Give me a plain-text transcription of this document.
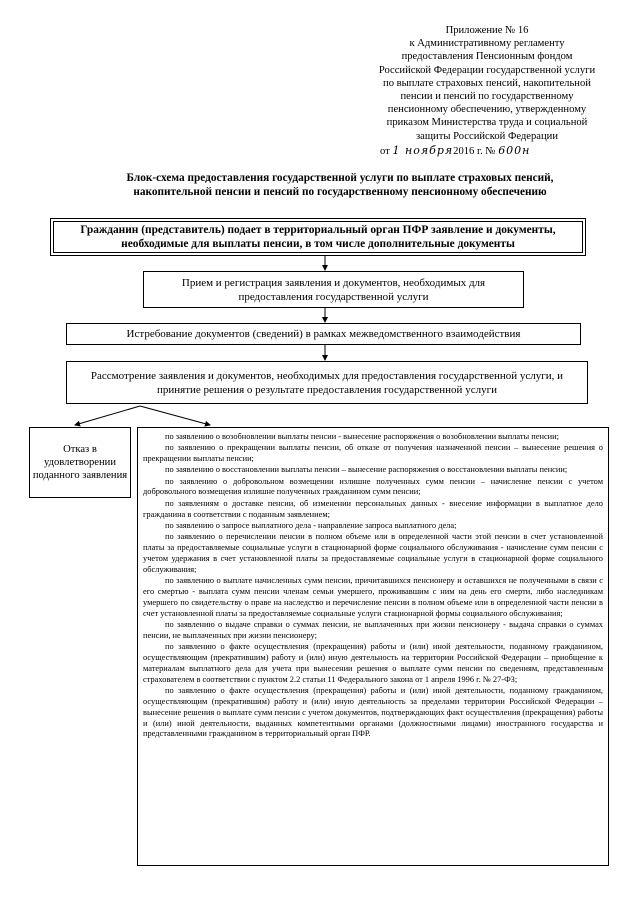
Приложение № 16
к Административному регламенту
предоставления Пенсионным фондом
Российской Федерации государственной услуги
по выплате страховых пенсий, накопительной
пенсии и пенсий по государственному
пенсионному обеспечению, утвержденному
приказом Министерства труда и социальной
защиты Российской Федерации
от 1 ноября2016 г. № 600н
Блок-схема предоставления государственной услуги по выплате страховых пенсий,
накопительной пенсии и пенсий по государственному пенсионному обеспечению
Гражданин (представитель) подает в территориальный орган ПФР заявление и документы, необходимые для выплаты пенсии, в том числе дополнительные документы
Прием и регистрация заявления и документов, необходимых для предоставления государственной услуги
Истребование документов (сведений) в рамках межведомственного взаимодействия
Рассмотрение заявления и документов, необходимых для предоставления государственной услуги, и принятие решения о результате предоставления государственной услуги
Отказ в удовлетворении поданного заявления

по заявлению о возобновлении выплаты пенсии - вынесение распоряжения о возобновлении выплаты пенсии;

по заявлению о прекращении выплаты пенсии, об отказе от получения назначенной пенсии – вынесение решения о прекращении выплаты пенсии;

по заявлению о восстановлении выплаты пенсии – вынесение распоряжения о восстановлении выплаты пенсии;

по заявлению о добровольном возмещении излишне полученных сумм пенсии – начисление пенсии с учетом добровольного возмещения излишне полученных гражданином сумм пенсии;

по заявлениям о доставке пенсии, об изменении персональных данных - внесение информации в выплатное дело гражданина в соответствии с поданным заявлением;

по заявлению о запросе выплатного дела - направление запроса выплатного дела;

по заявлению о перечислении пенсии в полном объеме или в определенной части этой пенсии в счет установленной платы за предоставляемые социальные услуги в стационарной форме социального обслуживания - начисление сумм пенсии с учетом удержания в счет установленной платы за предоставляемые социальные услуги в стационарной форме социального обслуживания;

по заявлению о выплате начисленных сумм пенсии, причитавшихся пенсионеру и оставшихся не полученными в связи с его смертью - выплата сумм пенсии членам семьи умершего, проживавшим с ним на день его смерти, либо наследникам умершего по свидетельству о праве на наследство и перечисление пенсии в полном объеме или в определенной части пенсии в счет установленной платы за предоставляемые социальные услуги стационарной формы социального обслуживания;

по заявлению о выдаче справки о суммах пенсии, не выплаченных при жизни пенсионеру - выдача справки о суммах пенсии, не выплаченных при жизни пенсионеру;

по заявлению о факте осуществления (прекращения) работы и (или) иной деятельности, поданному гражданином, осуществляющим (прекратившим) работу и (или) иную деятельность на территории Российской Федерации – приобщение к материалам выплатного дела для учета при вынесении решения о выплате сумм пенсии по сведениям, представленным страхователем в соответствии с пунктом 2.2 статьи 11 Федерального закона от 1 апреля 1996 г. № 27-ФЗ;

по заявлению о факте осуществления (прекращения) работы и (или) иной деятельности, поданному гражданином, осуществляющим (прекратившим) работу и (или) иную деятельность за пределами территории Российской Федерации – вынесение решения о выплате сумм пенсии с учетом документов, подтверждающих факт осуществления (прекращения) работы и (или) иной деятельности, выданных компетентными органами (должностными лицами) иностранного государства и представленными гражданином в территориальный орган ПФР.
